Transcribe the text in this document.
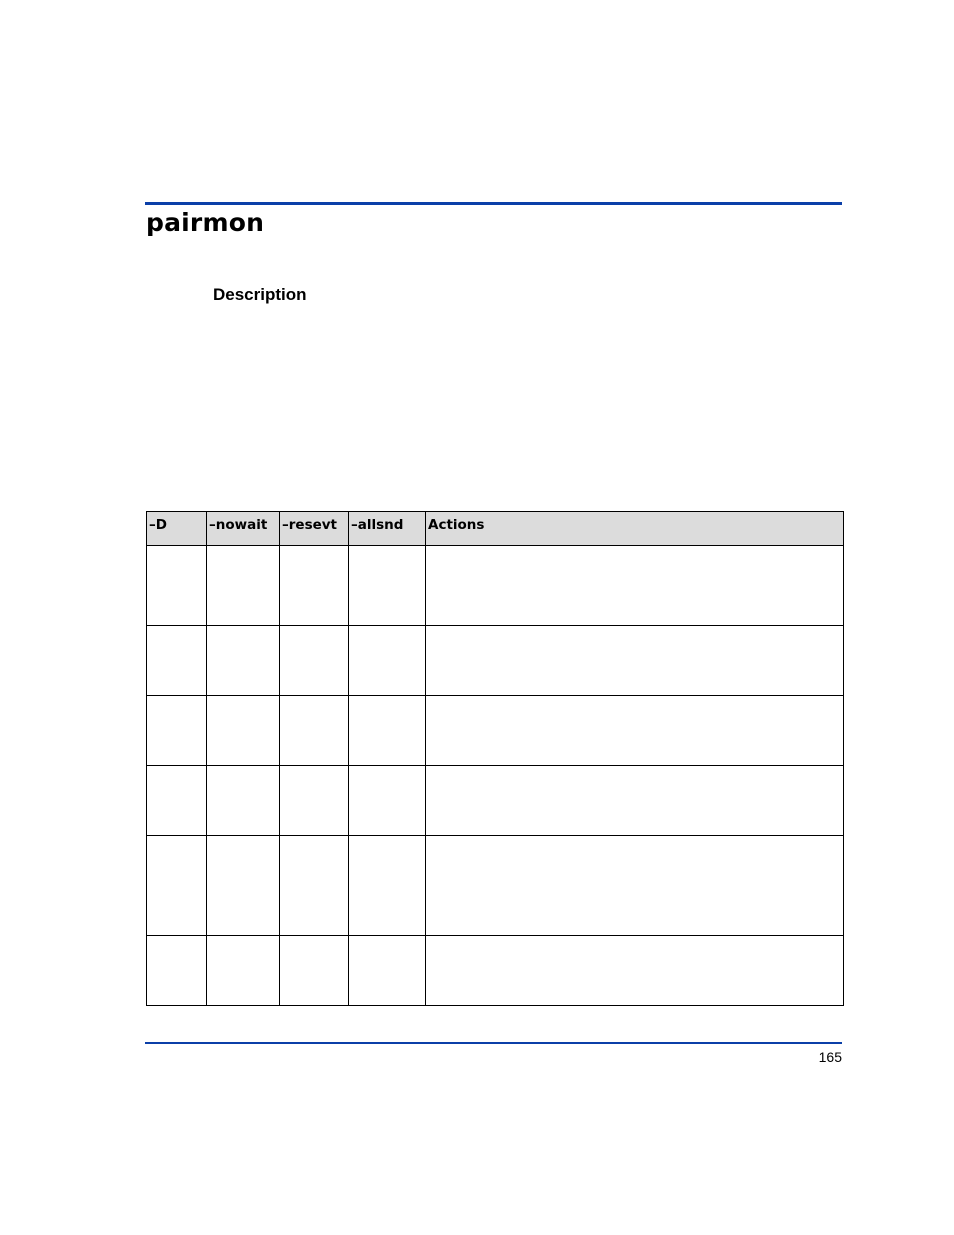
pairmon
Description
–D	–nowait	–resevt	–allsnd	Actions

165
